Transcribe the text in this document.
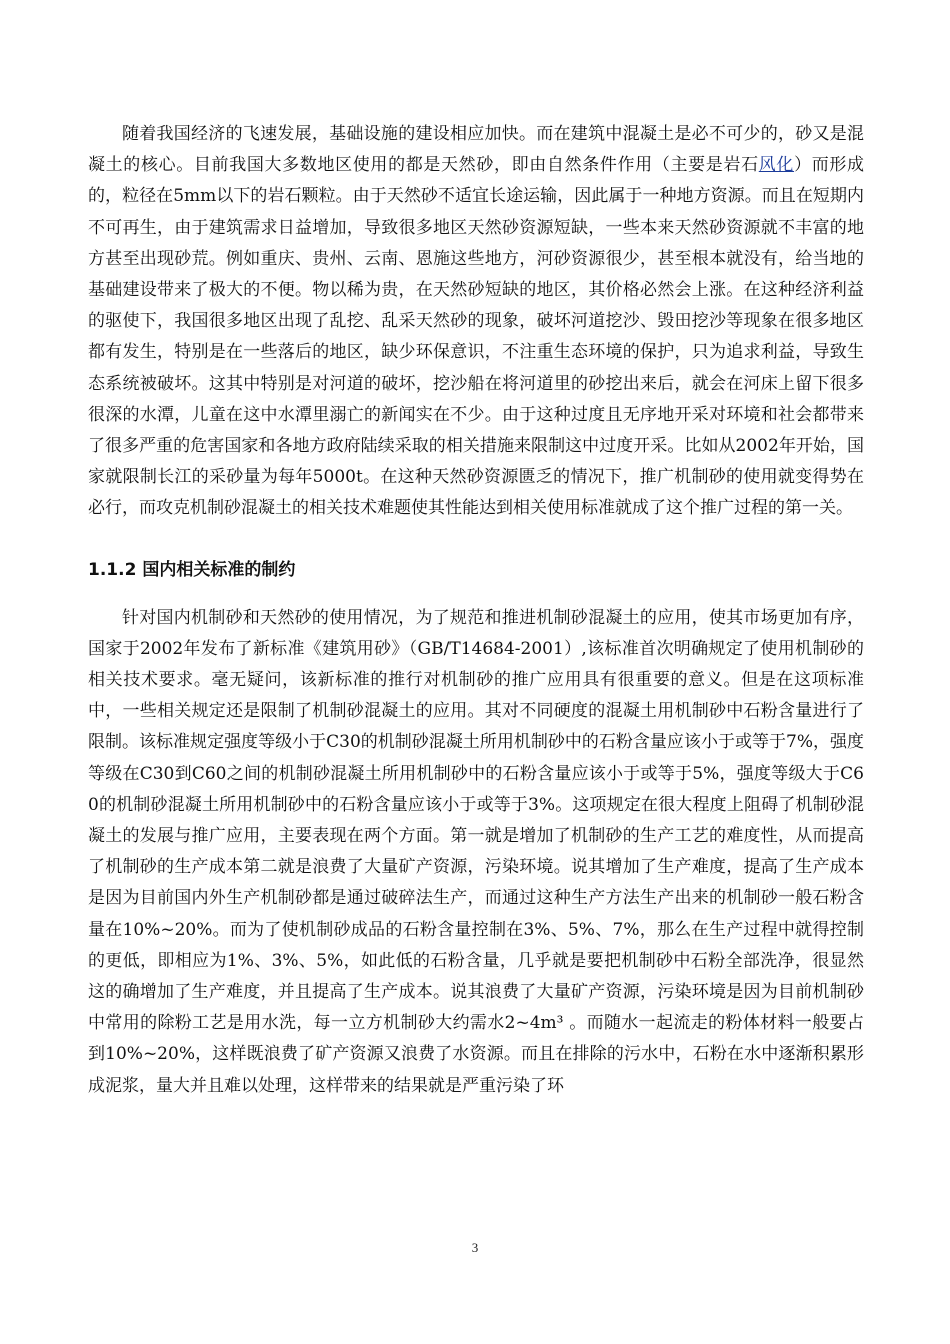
随着我国经济的飞速发展，基础设施的建设相应加快。而在建筑中混凝土是必不可少的，砂又是混凝土的核心。目前我国大多数地区使用的都是天然砂，即由自然条件作用（主要是岩石风化）而形成的，粒径在5mm以下的岩石颗粒。由于天然砂不适宜长途运输，因此属于一种地方资源。而且在短期内不可再生，由于建筑需求日益增加，导致很多地区天然砂资源短缺，一些本来天然砂资源就不丰富的地方甚至出现砂荒。例如重庆、贵州、云南、恩施这些地方，河砂资源很少，甚至根本就没有，给当地的基础建设带来了极大的不便。物以稀为贵，在天然砂短缺的地区，其价格必然会上涨。在这种经济利益的驱使下，我国很多地区出现了乱挖、乱采天然砂的现象，破坏河道挖沙、毁田挖沙等现象在很多地区都有发生，特别是在一些落后的地区，缺少环保意识，不注重生态环境的保护，只为追求利益，导致生态系统被破坏。这其中特别是对河道的破坏，挖沙船在将河道里的砂挖出来后，就会在河床上留下很多很深的水潭，儿童在这中水潭里溺亡的新闻实在不少。由于这种过度且无序地开采对环境和社会都带来了很多严重的危害国家和各地方政府陆续采取的相关措施来限制这中过度开采。比如从2002年开始，国家就限制长江的采砂量为每年5000t。在这种天然砂资源匮乏的情况下，推广机制砂的使用就变得势在必行，而攻克机制砂混凝土的相关技术难题使其性能达到相关使用标准就成了这个推广过程的第一关。

1.1.2 国内相关标准的制约

针对国内机制砂和天然砂的使用情况，为了规范和推进机制砂混凝土的应用，使其市场更加有序，国家于2002年发布了新标准《建筑用砂》（GB/T14684-2001）,该标准首次明确规定了使用机制砂的相关技术要求。毫无疑问，该新标准的推行对机制砂的推广应用具有很重要的意义。但是在这项标准中，一些相关规定还是限制了机制砂混凝土的应用。其对不同硬度的混凝土用机制砂中石粉含量进行了限制。该标准规定强度等级小于C30的机制砂混凝土所用机制砂中的石粉含量应该小于或等于7%，强度等级在C30到C60之间的机制砂混凝土所用机制砂中的石粉含量应该小于或等于5%，强度等级大于C60的机制砂混凝土所用机制砂中的石粉含量应该小于或等于3%。这项规定在很大程度上阻碍了机制砂混凝土的发展与推广应用，主要表现在两个方面。第一就是增加了机制砂的生产工艺的难度性，从而提高了机制砂的生产成本第二就是浪费了大量矿产资源，污染环境。说其增加了生产难度，提高了生产成本是因为目前国内外生产机制砂都是通过破碎法生产，而通过这种生产方法生产出来的机制砂一般石粉含量在10%~20%。而为了使机制砂成品的石粉含量控制在3%、5%、7%，那么在生产过程中就得控制的更低，即相应为1%、3%、5%，如此低的石粉含量，几乎就是要把机制砂中石粉全部洗净，很显然这的确增加了生产难度，并且提高了生产成本。说其浪费了大量矿产资源，污染环境是因为目前机制砂中常用的除粉工艺是用水洗，每一立方机制砂大约需水2~4m³ 。而随水一起流走的粉体材料一般要占到10%~20%，这样既浪费了矿产资源又浪费了水资源。而且在排除的污水中，石粉在水中逐渐积累形成泥浆，量大并且难以处理，这样带来的结果就是严重污染了环

3
